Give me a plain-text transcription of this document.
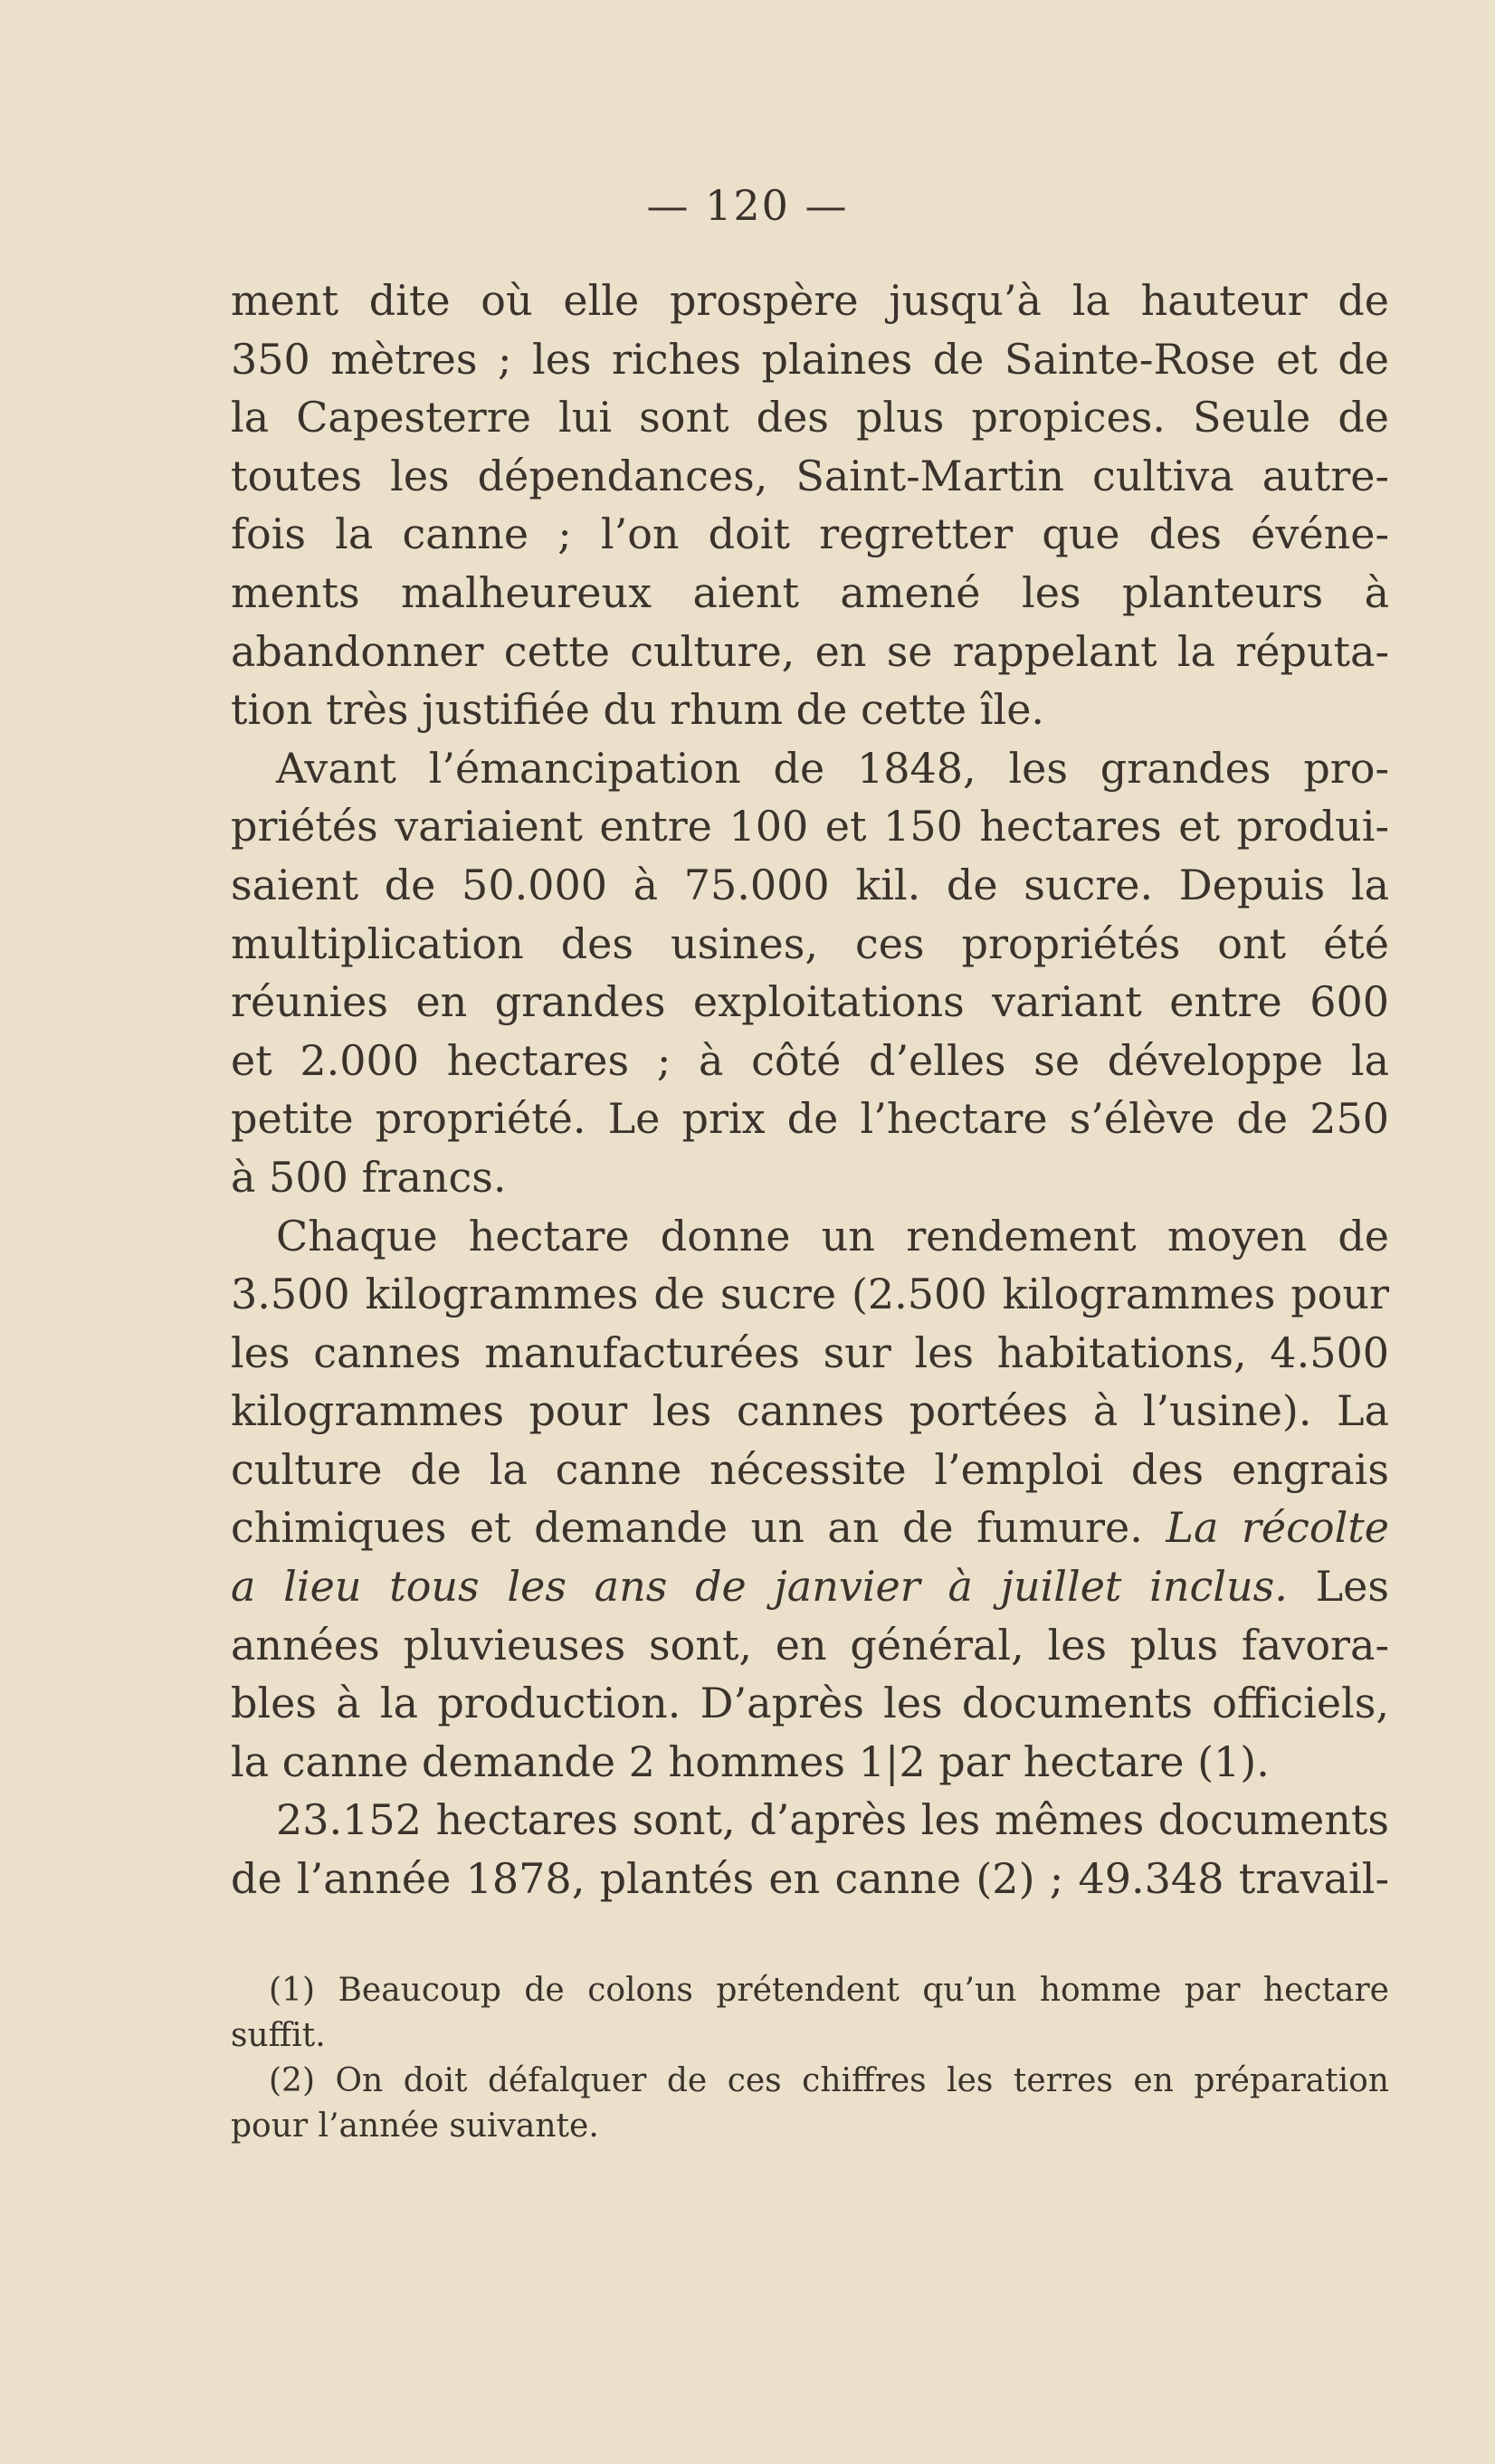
— 120 —
ment dite où elle prospère jusqu’à la hauteur de
350 mètres ; les riches plaines de Sainte-Rose et de
la Capesterre lui sont des plus propices. Seule de
toutes les dépendances, Saint-Martin cultiva autre-
fois la canne ; l’on doit regretter que des événe-
ments malheureux aient amené les planteurs à
abandonner cette culture, en se rappelant la réputa-
tion très justifiée du rhum de cette île.
Avant l’émancipation de 1848, les grandes pro-
priétés variaient entre 100 et 150 hectares et produi-
saient de 50.000 à 75.000 kil. de sucre. Depuis la
multiplication des usines, ces propriétés ont été
réunies en grandes exploitations variant entre 600
et 2.000 hectares ; à côté d’elles se développe la
petite propriété. Le prix de l’hectare s’élève de 250
à 500 francs.
Chaque hectare donne un rendement moyen de
3.500 kilogrammes de sucre (2.500 kilogrammes pour
les cannes manufacturées sur les habitations, 4.500
kilogrammes pour les cannes portées à l’usine). La
culture de la canne nécessite l’emploi des engrais
chimiques et demande un an de fumure. La récolte
a lieu tous les ans de janvier à juillet inclus. Les
années pluvieuses sont, en général, les plus favora-
bles à la production. D’après les documents officiels,
la canne demande 2 hommes 1|2 par hectare (1).
23.152 hectares sont, d’après les mêmes documents
de l’année 1878, plantés en canne (2) ; 49.348 travail-
(1) Beaucoup de colons prétendent qu’un homme par hectare
suffit.
(2) On doit défalquer de ces chiffres les terres en préparation
pour l’année suivante.
